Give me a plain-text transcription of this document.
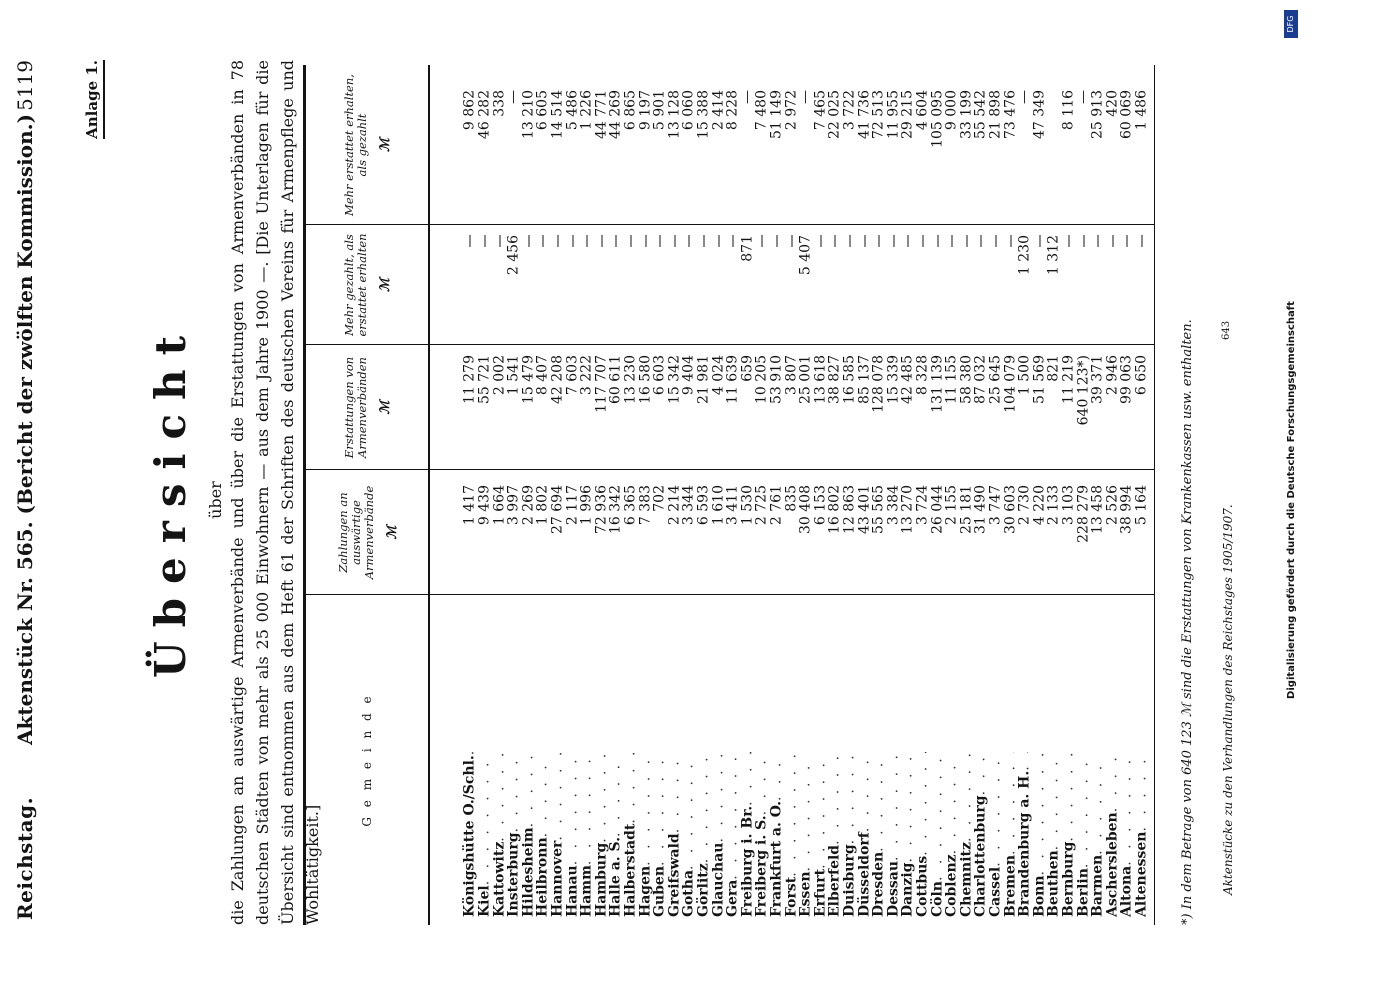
Reichstag.
Aktenstück Nr. 565. (Bericht der zwölften Kommission.)
5119	Anlage 1.
Übersicht über die Zahlungen an auswärtige Armenverbände und über die Erstattungen von Armenverbänden in 78 deutschen Städten von mehr als 25 000 Einwohnern — aus dem Jahre 1900 —. [Die Unterlagen für die Übersicht sind entnommen aus dem Heft 61 der Schriften des deutschen Vereins für Armenpflege und Wohltätigkeit.]
G e m e i n d e
Zahlungen an auswärtige Armenverbände ℳ
Erstattungen von Armenverbänden ℳ
Mehr gezahlt, als erstattet erhalten ℳ
Mehr erstattet erhalten, als gezahlt ℳ
Altenessen . . .
5 164
6 650
1 486
Altona . . .
38 994
99 063
60 069
Aschersleben . . .
2 526
2 946
420
Barmen . . .
13 458
39 371
25 913
Berlin . . .
228 279
640 123*)
—
Bernburg . . .
3 103
11 219
8 116
Beuthen . . .
2 133
821
1 312
Bonn . . .
4 220
51 569
47 349
Brandenburg a. H. . . .
2 730
1 500
1 230
—
Bremen . . .
30 603
104 079
73 476
Cassel . . .
3 747
25 645
21 898
Charlottenburg . . .
31 490
87 032
55 542
Chemnitz . . .
25 181
58 380
33 199
Coblenz . . .
2 155
11 155
9 000
Cöln . . .
26 044
131 139
105 095
Cottbus . . .
3 724
8 328
4 604
Danzig . . .
13 270
42 485
29 215
Dessau . . .
3 384
15 339
11 955
Dresden . . .
55 565
128 078
72 513
Düsseldorf . . .
43 401
85 137
41 736
Duisburg . . .
12 863
16 585
3 722
Elberfeld . . .
16 802
38 827
22 025
Erfurt . . .
6 153
13 618
7 465
Essen . . .
30 408
25 001
5 407
—
Forst . . .
835
3 807
2 972
Frankfurt a. O. . . .
2 761
53 910
51 149
Freiberg i. S. . . .
2 725
10 205
7 480
Freiburg i. Br. . . .
1 530
659
871
—
Gera . . .
3 411
11 639
8 228
Glauchau . . .
1 610
4 024
2 414
Görlitz . . .
6 593
21 981
15 388
Gotha . . .
3 344
9 404
6 060
Greifswald . . .
2 214
15 342
13 128
Guben . . .
702
6 603
5 901
Hagen . . .
7 383
16 580
9 197
Halberstadt . . .
6 365
13 230
6 865
Halle a. S. . . .
16 342
60 611
44 269
Hamburg . . .
72 936
117 707
44 771
Hamm . . .
1 996
3 222
1 226
Hanau . . .
2 117
7 603
5 486
Hannover . . .
27 694
42 208
14 514
Heilbronn . . .
1 802
8 407
6 605
Hildesheim . . .
2 269
15 479
13 210
Insterburg . . .
3 997
1 541
2 456
—
Kattowitz . . .
1 664
2 002
338
Kiel . . .
9 439
55 721
46 282
Königshütte O./Schl. . . .
1 417
11 279
9 862
*) In dem Betrage von 640 123 ℳ sind die Erstattungen von Krankenkassen usw. enthalten. Aktenstücke zu den Verhandlungen des Reichstages 1905/1907.
643	Digitalisierung gefördert durch die Deutsche Forschungsgemeinschaft
DFG
